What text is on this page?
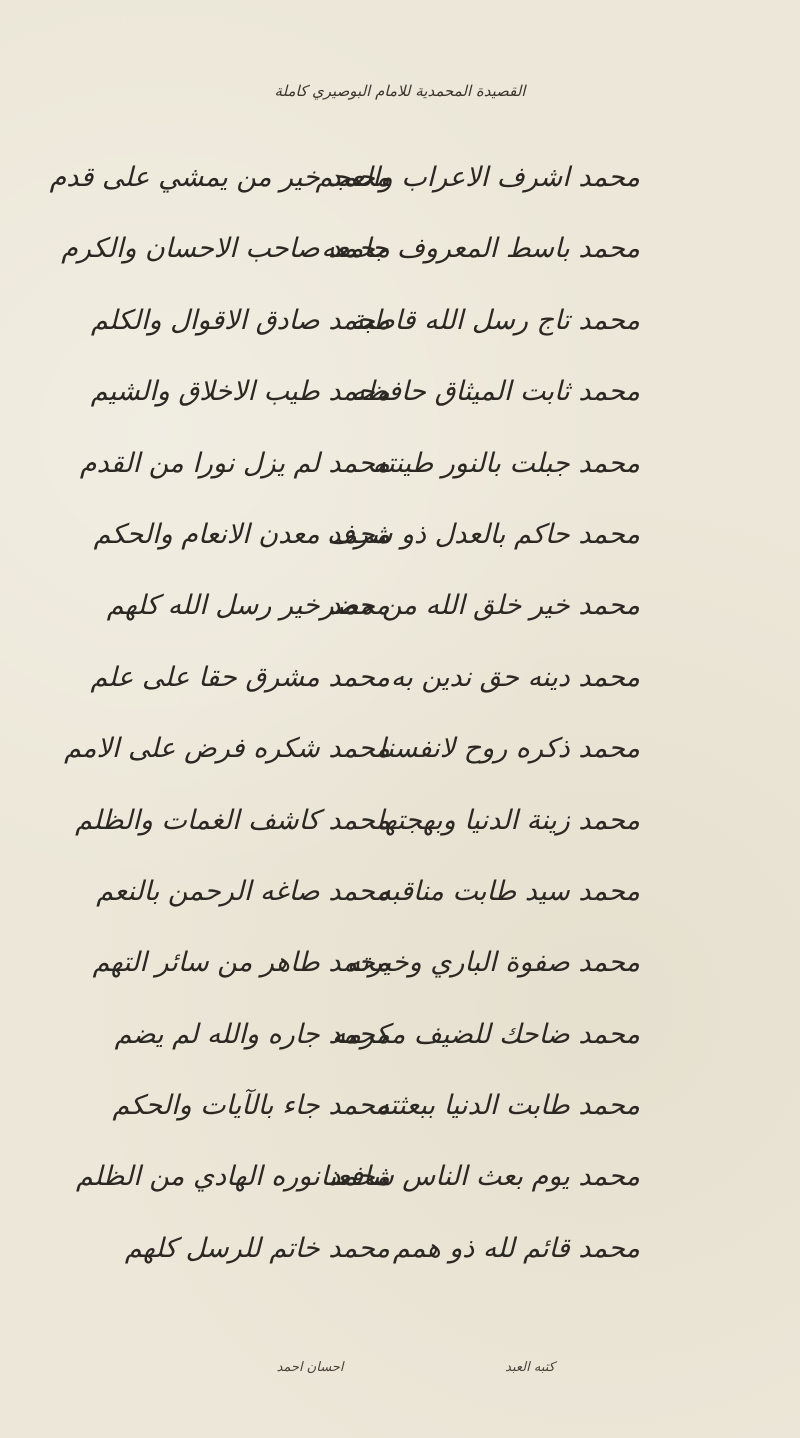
القصيدة المحمدية للامام البوصيري كاملة
محمد اشرف الاعراب والعجم
محمد خير من يمشي على قدم
محمد باسط المعروف جامعه
محمد صاحب الاحسان والكرم
محمد تاج رسل الله قاطبة
محمد صادق الاقوال والكلم
محمد ثابت الميثاق حافظه
محمد طيب الاخلاق والشيم
محمد جبلت بالنور طينته
محمد لم يزل نورا من القدم
محمد حاكم بالعدل ذو شرف
محمد معدن الانعام والحكم
محمد خير خلق الله من مضر
محمد خير رسل الله كلهم
محمد دينه حق ندين به
محمد مشرق حقا على علم
محمد ذكره روح لانفسنا
محمد شكره فرض على الامم
محمد زينة الدنيا وبهجتها
محمد كاشف الغمات والظلم
محمد سيد طابت مناقبه
محمد صاغه الرحمن بالنعم
محمد صفوة الباري وخيرته
محمد طاهر من سائر التهم
محمد ضاحك للضيف مكرمه
محمد جاره والله لم يضم
محمد طابت الدنيا ببعثته
محمد جاء بالآيات والحكم
محمد يوم بعث الناس شافعنا
محمد نوره الهادي من الظلم
محمد قائم لله ذو همم
محمد خاتم للرسل كلهم
كتبه العبد
احسان احمد
